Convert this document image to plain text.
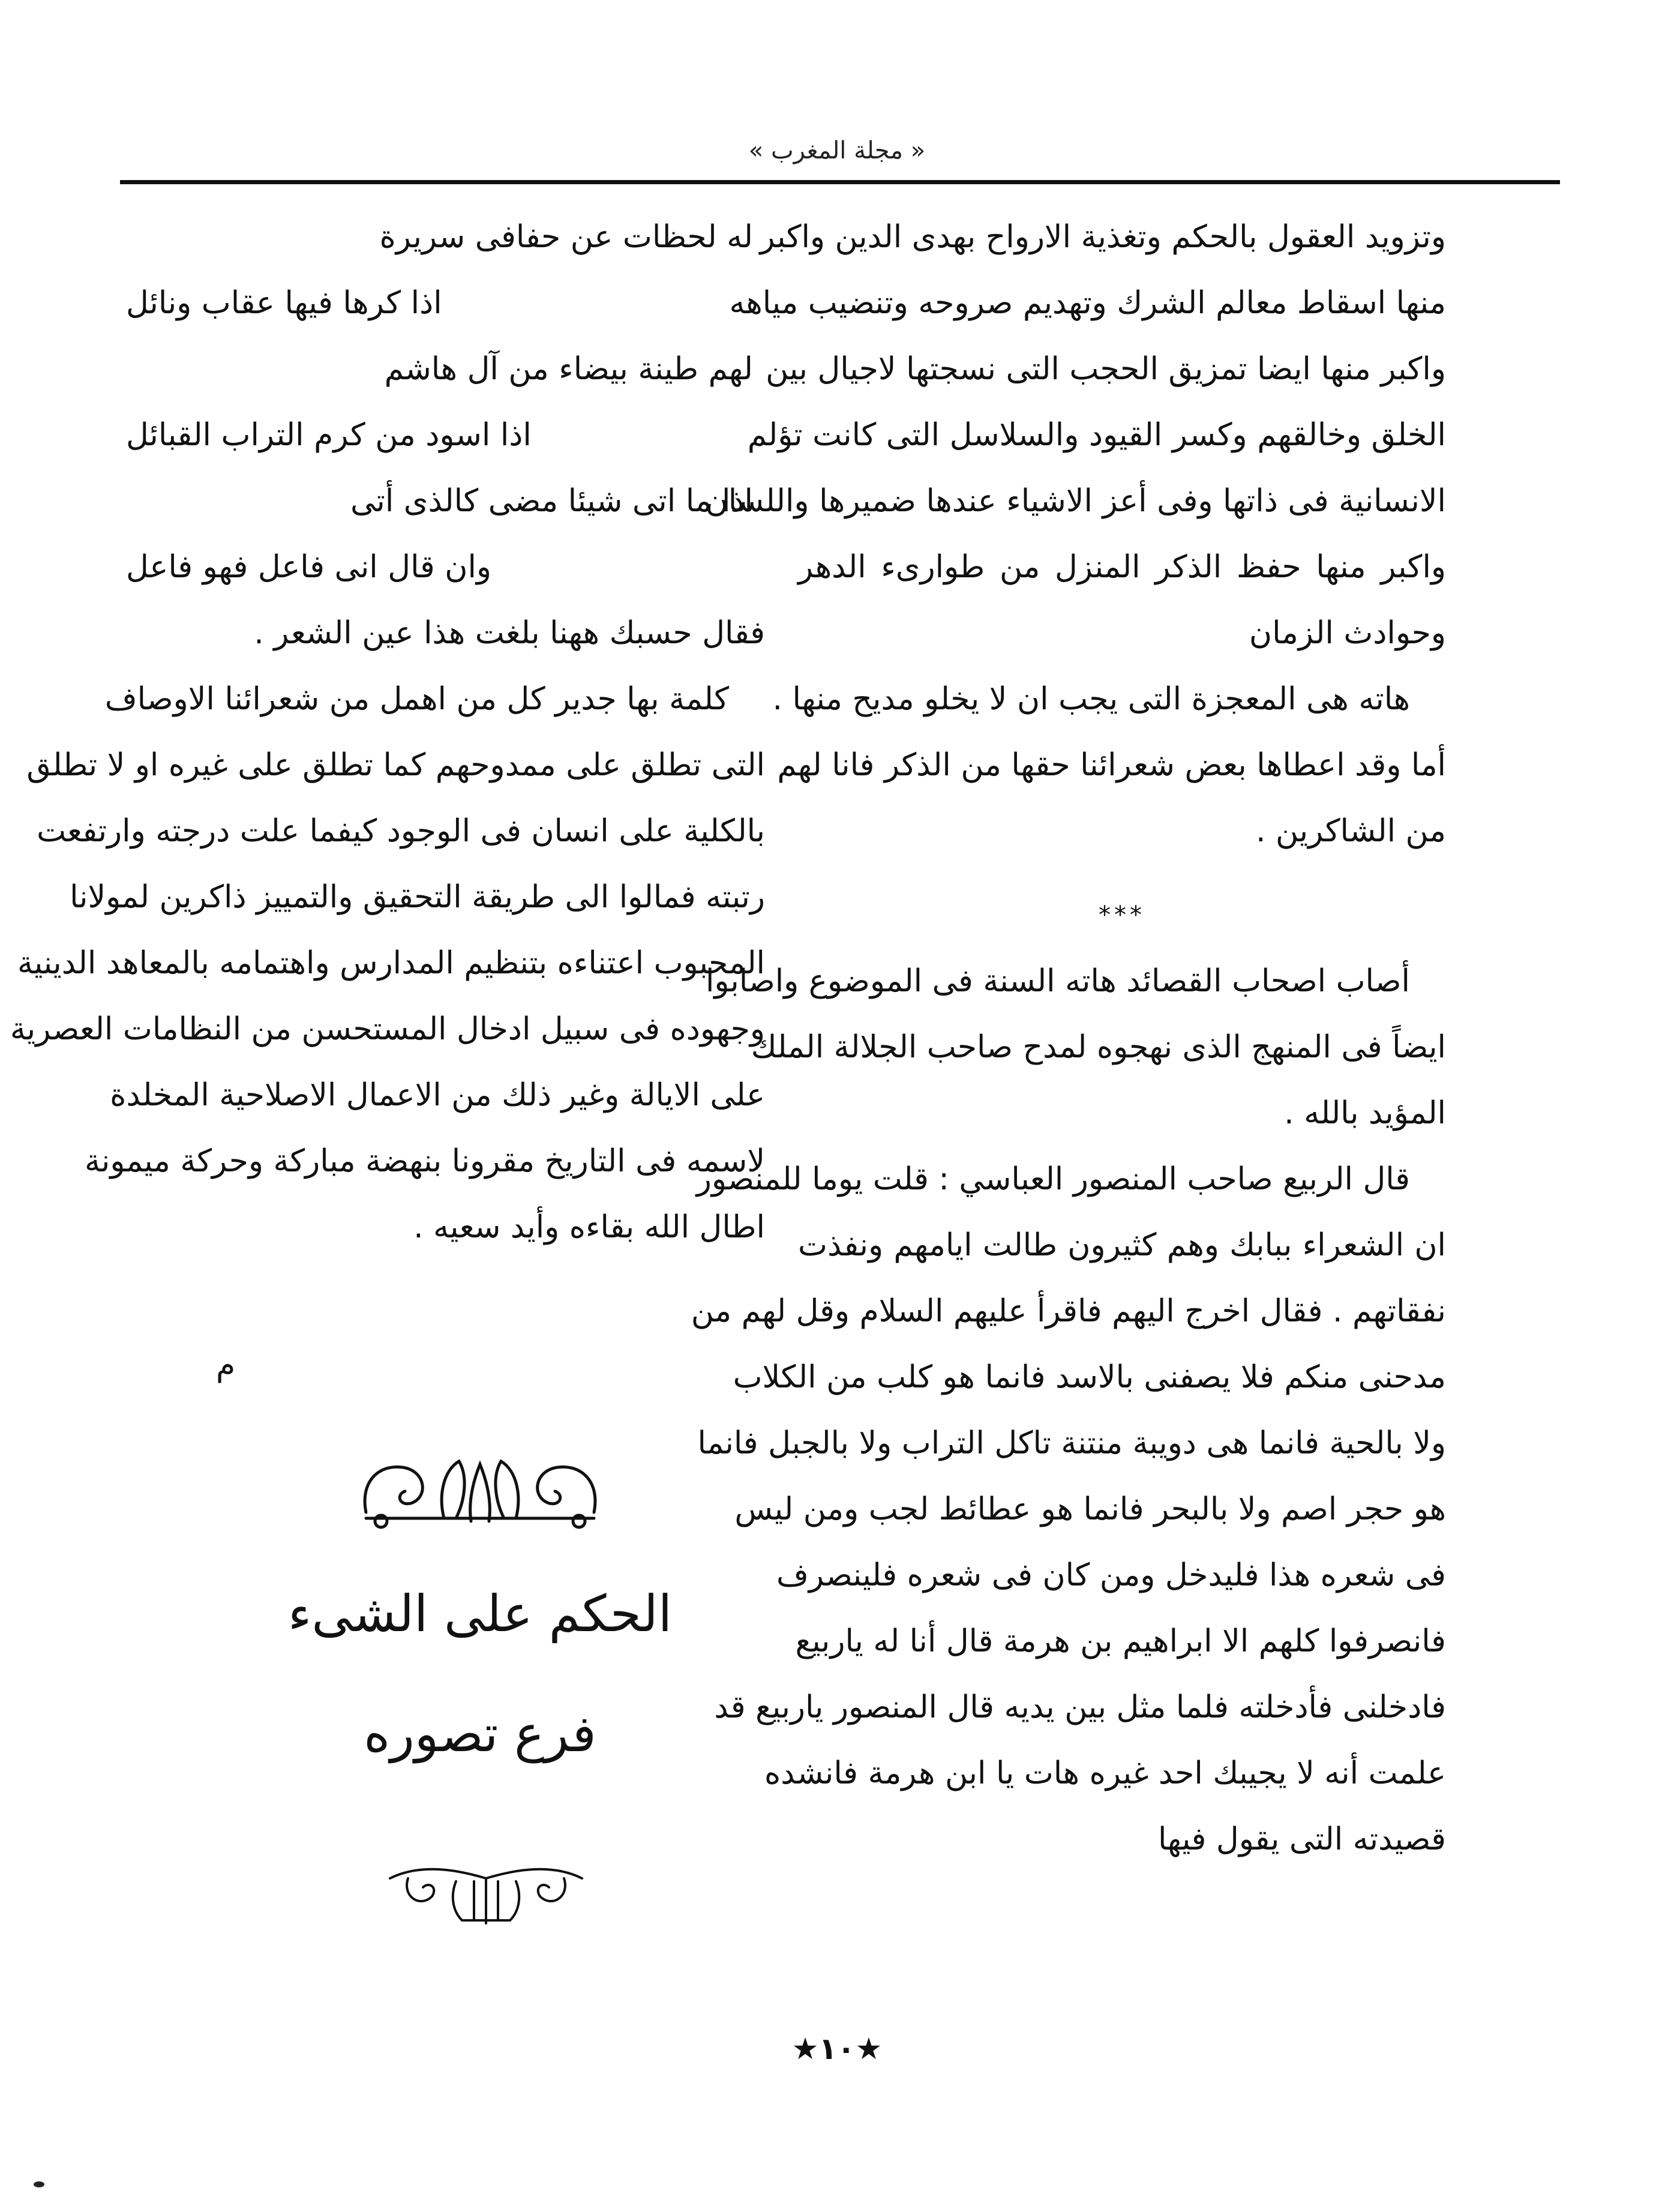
« مجلة المغرب »
وتزويد العقول بالحكم وتغذية الارواح بهدى الدين واكبر
منها اسقاط معالم الشرك وتهديم صروحه وتنضيب مياهه
واكبر منها ايضا تمزيق الحجب التى نسجتها لاجيال بين
الخلق وخالقهم وكسر القيود والسلاسل التى كانت تؤلم
الانسانية فى ذاتها وفى أعز الاشياء عندها ضميرها واللسان
واكبر منها حفظ الذكر المنزل من طوارىء الدهر
وحوادث الزمان
هاته هى المعجزة التى يجب ان لا يخلو مديح منها .
أما وقد اعطاها بعض شعرائنا حقها من الذكر فانا لهم
من الشاكرين .
***
أصاب اصحاب القصائد هاته السنة فى الموضوع واصابوا
ايضاً فى المنهج الذى نهجوه لمدح صاحب الجلالة الملك
المؤيد بالله .
قال الربيع صاحب المنصور العباسي : قلت يوما للمنصور
ان الشعراء ببابك وهم كثيرون طالت ايامهم ونفذت
نفقاتهم . فقال اخرج اليهم فاقرأ عليهم السلام وقل لهم من
مدحنى منكم فلا يصفنى بالاسد فانما هو كلب من الكلاب
ولا بالحية فانما هى دويبة منتنة تاكل التراب ولا بالجبل فانما
هو حجر اصم ولا بالبحر فانما هو عطائط لجب ومن ليس
فى شعره هذا فليدخل ومن كان فى شعره فلينصرف
فانصرفوا كلهم الا ابراهيم بن هرمة قال أنا له ياربيع
فادخلنى فأدخلته فلما مثل بين يديه قال المنصور ياربيع قد
علمت أنه لا يجيبك احد غيره هات يا ابن هرمة فانشده
قصيدته التى يقول فيها
له لحظات عن حفافى سريرة
اذا كرها فيها عقاب ونائل
لهم طينة بيضاء من آل هاشم
اذا اسود من كرم التراب القبائل
اذا ما اتى شيئا مضى كالذى أتى
وان قال انى فاعل فهو فاعل
فقال حسبك ههنا بلغت هذا عين الشعر .
كلمة بها جدير كل من اهمل من شعرائنا الاوصاف
التى تطلق على ممدوحهم كما تطلق على غيره او لا تطلق
بالكلية على انسان فى الوجود كيفما علت درجته وارتفعت
رتبته فمالوا الى طريقة التحقيق والتمييز ذاكرين لمولانا
المحبوب اعتناءه بتنظيم المدارس واهتمامه بالمعاهد الدينية
وجهوده فى سبيل ادخال المستحسن من النظامات العصرية
على الايالة وغير ذلك من الاعمال الاصلاحية المخلدة
لاسمه فى التاريخ مقرونا بنهضة مباركة وحركة ميمونة
اطال الله بقاءه وأيد سعيه .
م
الحكم على الشىء
فرع تصوره
★١٠★
